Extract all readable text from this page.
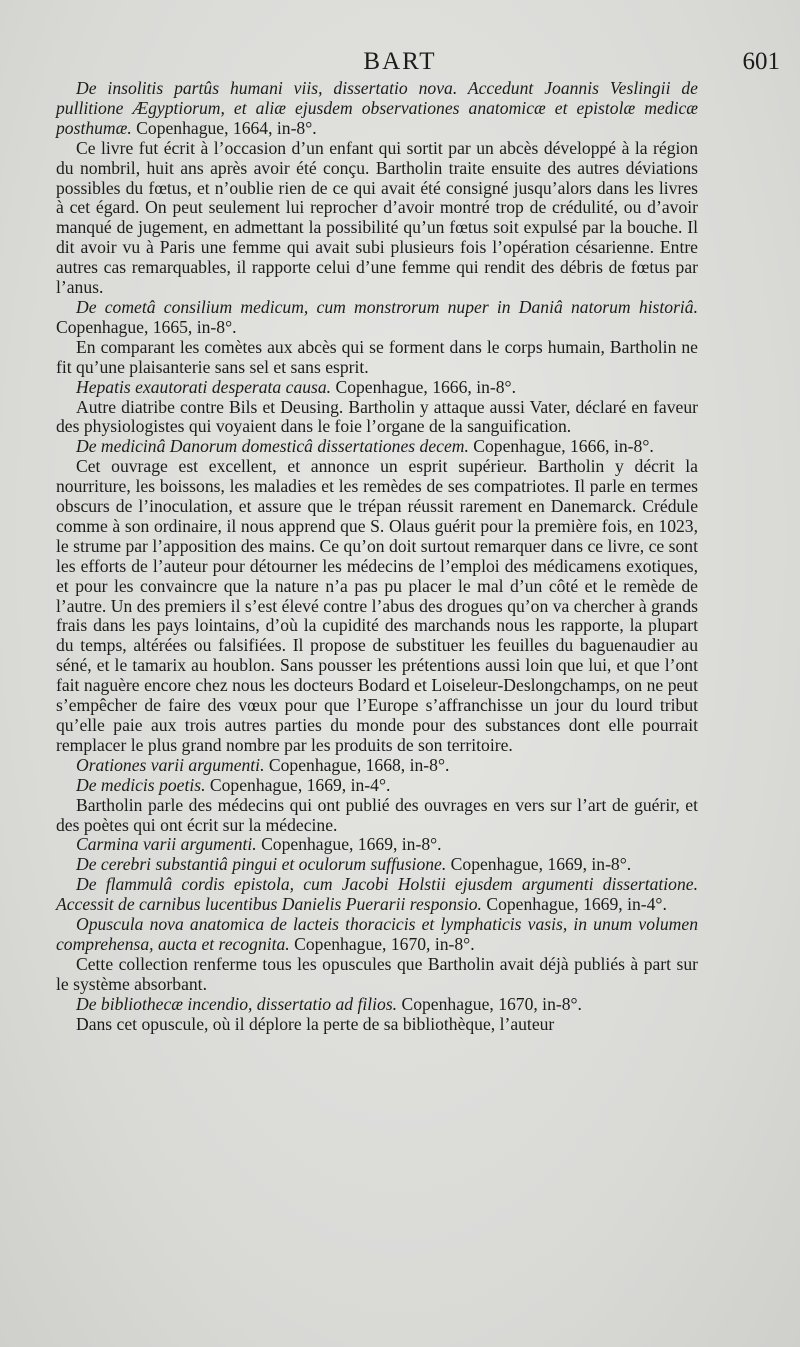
BART	601

De insolitis partûs humani viis, dissertatio nova. Accedunt Joannis Veslingii de pullitione Ægyptiorum, et aliæ ejusdem observationes anatomicæ et epistolæ medicæ posthumæ. Copenhague, 1664, in-8°.

Ce livre fut écrit à l’occasion d’un enfant qui sortit par un abcès développé à la région du nombril, huit ans après avoir été conçu. Bartholin traite ensuite des autres déviations possibles du fœtus, et n’oublie rien de ce qui avait été consigné jusqu’alors dans les livres à cet égard. On peut seulement lui reprocher d’avoir montré trop de crédulité, ou d’avoir manqué de jugement, en admettant la possibilité qu’un fœtus soit expulsé par la bouche. Il dit avoir vu à Paris une femme qui avait subi plusieurs fois l’opération césarienne. Entre autres cas remarquables, il rapporte celui d’une femme qui rendit des débris de fœtus par l’anus.

De cometâ consilium medicum, cum monstrorum nuper in Daniâ natorum historiâ. Copenhague, 1665, in-8°.

En comparant les comètes aux abcès qui se forment dans le corps humain, Bartholin ne fit qu’une plaisanterie sans sel et sans esprit.

Hepatis exautorati desperata causa. Copenhague, 1666, in-8°.

Autre diatribe contre Bils et Deusing. Bartholin y attaque aussi Vater, déclaré en faveur des physiologistes qui voyaient dans le foie l’organe de la sanguification.

De medicinâ Danorum domesticâ dissertationes decem. Copenhague, 1666, in-8°.

Cet ouvrage est excellent, et annonce un esprit supérieur. Bartholin y décrit la nourriture, les boissons, les maladies et les remèdes de ses compatriotes. Il parle en termes obscurs de l’inoculation, et assure que le trépan réussit rarement en Danemarck. Crédule comme à son ordinaire, il nous apprend que S. Olaus guérit pour la première fois, en 1023, le strume par l’apposition des mains. Ce qu’on doit surtout remarquer dans ce livre, ce sont les efforts de l’auteur pour détourner les médecins de l’emploi des médicamens exotiques, et pour les convaincre que la nature n’a pas pu placer le mal d’un côté et le remède de l’autre. Un des premiers il s’est élevé contre l’abus des drogues qu’on va chercher à grands frais dans les pays lointains, d’où la cupidité des marchands nous les rapporte, la plupart du temps, altérées ou falsifiées. Il propose de substituer les feuilles du baguenaudier au séné, et le tamarix au houblon. Sans pousser les prétentions aussi loin que lui, et que l’ont fait naguère encore chez nous les docteurs Bodard et Loiseleur-Deslongchamps, on ne peut s’empêcher de faire des vœux pour que l’Europe s’affranchisse un jour du lourd tribut qu’elle paie aux trois autres parties du monde pour des substances dont elle pourrait remplacer le plus grand nombre par les produits de son territoire.

Orationes varii argumenti. Copenhague, 1668, in-8°.

De medicis poetis. Copenhague, 1669, in-4°.

Bartholin parle des médecins qui ont publié des ouvrages en vers sur l’art de guérir, et des poètes qui ont écrit sur la médecine.

Carmina varii argumenti. Copenhague, 1669, in-8°.

De cerebri substantiâ pingui et oculorum suffusione. Copenhague, 1669, in-8°.

De flammulâ cordis epistola, cum Jacobi Holstii ejusdem argumenti dissertatione. Accessit de carnibus lucentibus Danielis Puerarii responsio. Copenhague, 1669, in-4°.

Opuscula nova anatomica de lacteis thoracicis et lymphaticis vasis, in unum volumen comprehensa, aucta et recognita. Copenhague, 1670, in-8°.

Cette collection renferme tous les opuscules que Bartholin avait déjà publiés à part sur le système absorbant.

De bibliothecæ incendio, dissertatio ad filios. Copenhague, 1670, in-8°.

Dans cet opuscule, où il déplore la perte de sa bibliothèque, l’auteur
